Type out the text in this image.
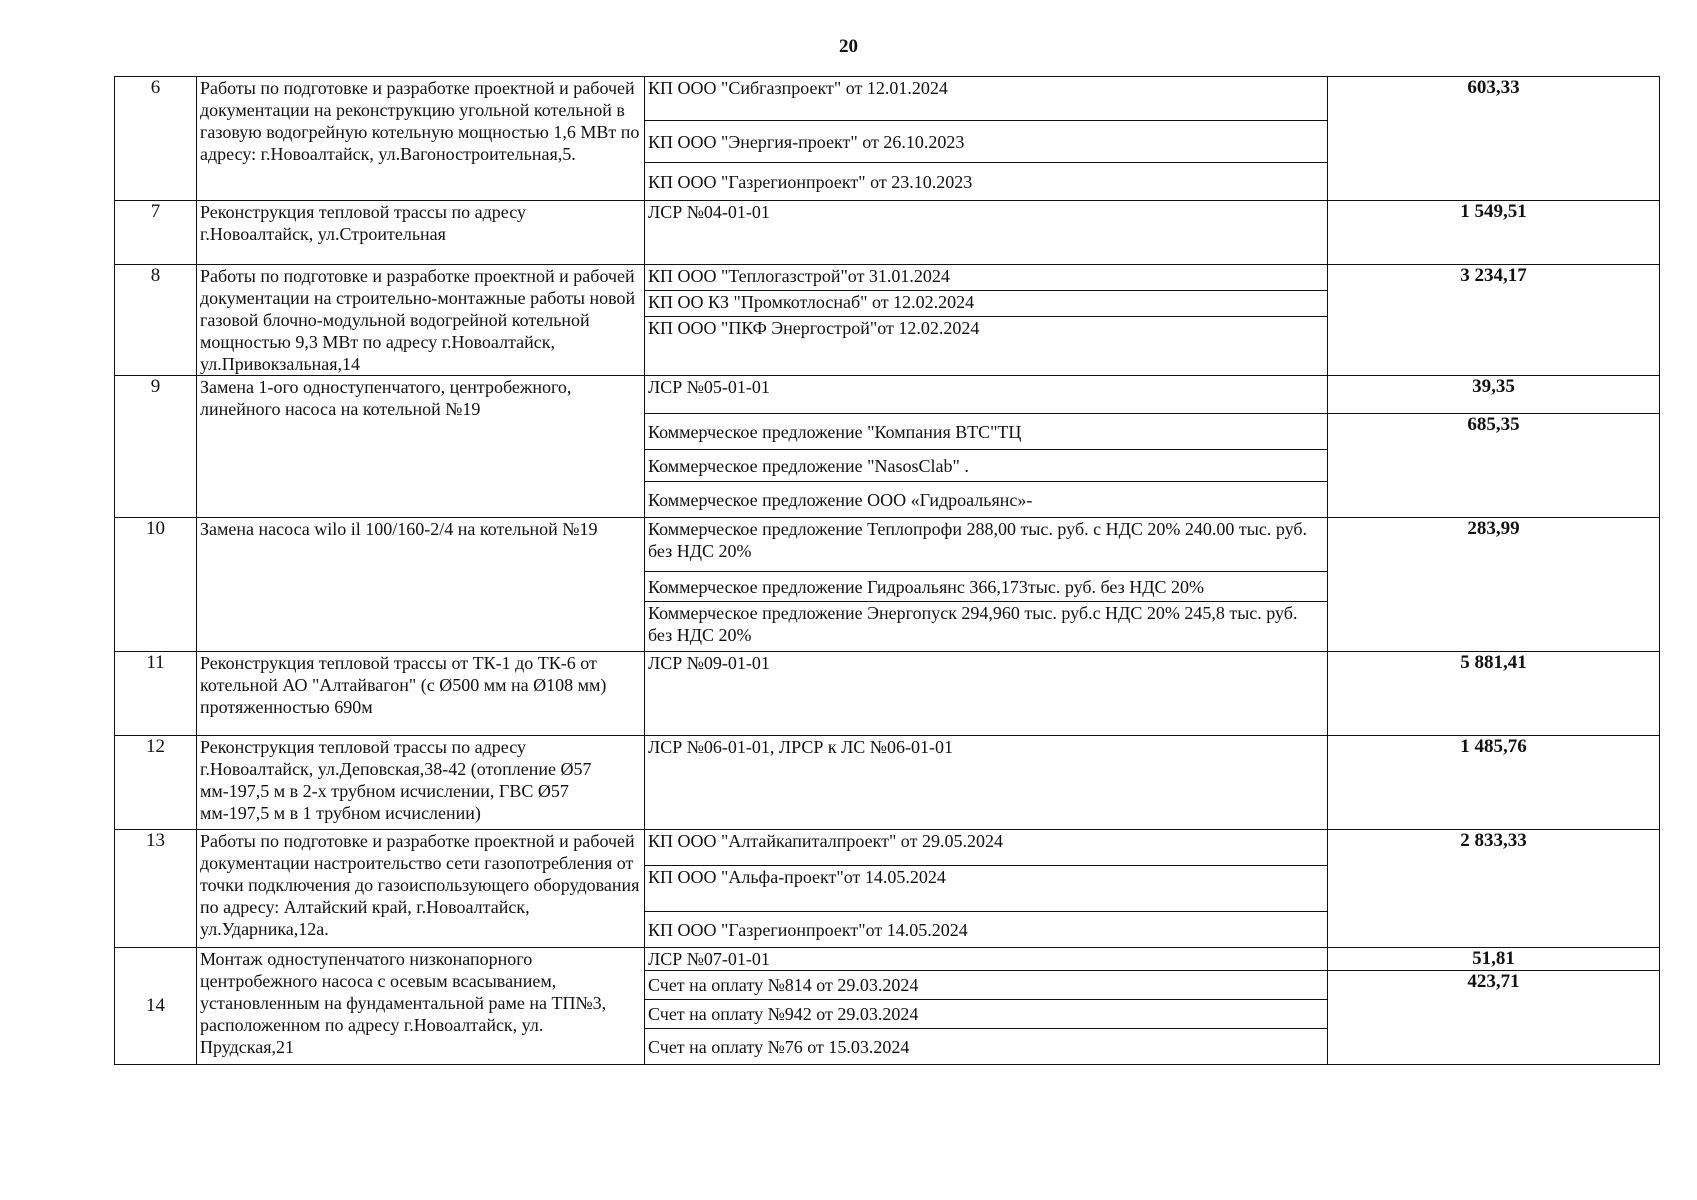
20
6	Работы по подготовке и разработке проектной и рабочей документации на реконструкцию угольной котельной в газовую водогрейную котельную мощностью 1,6 МВт по адресу: г.Новоалтайск, ул.Вагоностроительная,5.	КП ООО "Сибгазпроект" от 12.01.2024	603,33
		КП ООО "Энергия-проект" от 26.10.2023	
		КП ООО "Газрегионпроект" от 23.10.2023	
7	Реконструкция тепловой трассы по адресу г.Новоалтайск, ул.Строительная	ЛСР №04-01-01	1 549,51
8	Работы по подготовке и разработке проектной и рабочей документации на строительно-монтажные работы новой газовой блочно-модульной водогрейной котельной мощностью 9,3 МВт по адресу г.Новоалтайск, ул.Привокзальная,14	КП ООО "Теплогазстрой"от 31.01.2024	3 234,17
		КП ОО КЗ "Промкотлоснаб" от 12.02.2024	
		КП ООО "ПКФ Энергострой"от 12.02.2024	
9	Замена 1-ого одноступенчатого, центробежного, линейного насоса на котельной №19	ЛСР №05-01-01	39,35
		Коммерческое предложение "Компания ВТС"ТЦ	685,35
		Коммерческое предложение "NasosClab" .	
		Коммерческое предложение ООО «Гидроальянс»-	
10	Замена насоса wilo il 100/160-2/4 на котельной №19	Коммерческое предложение Теплопрофи 288,00 тыс. руб. с НДС 20% 240.00 тыс. руб. без НДС 20%	283,99
		Коммерческое предложение Гидроальянс 366,173тыс. руб. без НДС 20%	
		Коммерческое предложение Энергопуск 294,960 тыс. руб.с НДС 20% 245,8 тыс. руб. без НДС 20%	
11	Реконструкция тепловой трассы от ТК-1 до ТК-6 от котельной АО "Алтайвагон" (с Ø500 мм на Ø108 мм) протяженностью 690м	ЛСР №09-01-01	5 881,41
12	Реконструкция тепловой трассы по адресу г.Новоалтайск, ул.Деповская,38-42 (отопление Ø57 мм-197,5 м в 2-х трубном исчислении, ГВС Ø57 мм-197,5 м в 1 трубном исчислении)	ЛСР №06-01-01, ЛРСР к ЛС №06-01-01	1 485,76
13	Работы по подготовке и разработке проектной и рабочей документации настроительство сети газопотребления от точки подключения до газоиспользующего оборудования по адресу: Алтайский край, г.Новоалтайск, ул.Ударника,12а.	КП ООО "Алтайкапиталпроект" от 29.05.2024	2 833,33
		КП ООО "Альфа-проект"от 14.05.2024	
		КП ООО "Газрегионпроект"от 14.05.2024	
14	Монтаж одноступенчатого низконапорного центробежного насоса с осевым всасыванием, установленным на фундаментальной раме на ТП№3, расположенном по адресу г.Новоалтайск, ул. Прудская,21	ЛСР №07-01-01	51,81
		Счет на оплату №814 от 29.03.2024	423,71
		Счет на оплату №942 от 29.03.2024	
		Счет на оплату №76 от 15.03.2024	
